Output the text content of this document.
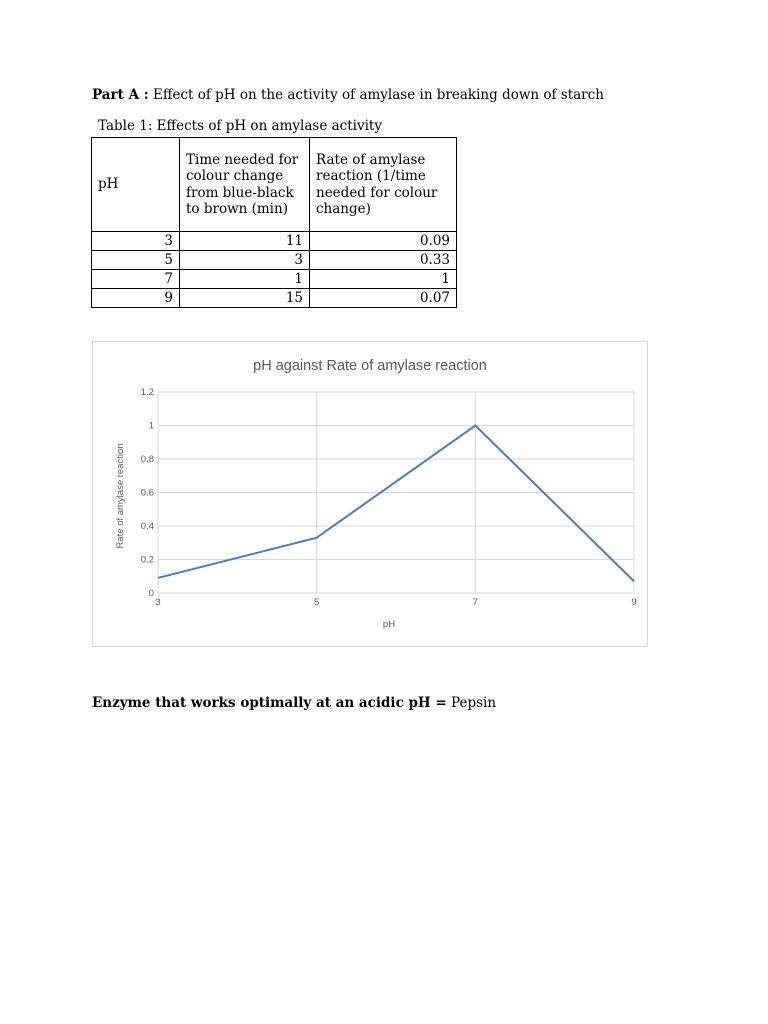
Part A : Effect of pH on the activity of amylase in breaking down of starch
Table 1: Effects of pH on amylase activity
pH	Time needed for colour change from blue-black to brown (min)	Rate of amylase reaction (1/time needed for colour change)
3	11	0.09
5	3	0.33
7	1	1
9	15	0.07
0
0.2
0.4
0.6
0.8
1
1.2
3	5	7	9
pH against Rate of amylase reaction
pH
Rate of amylase reaction
Enzyme that works optimally at an acidic pH = Pepsin
